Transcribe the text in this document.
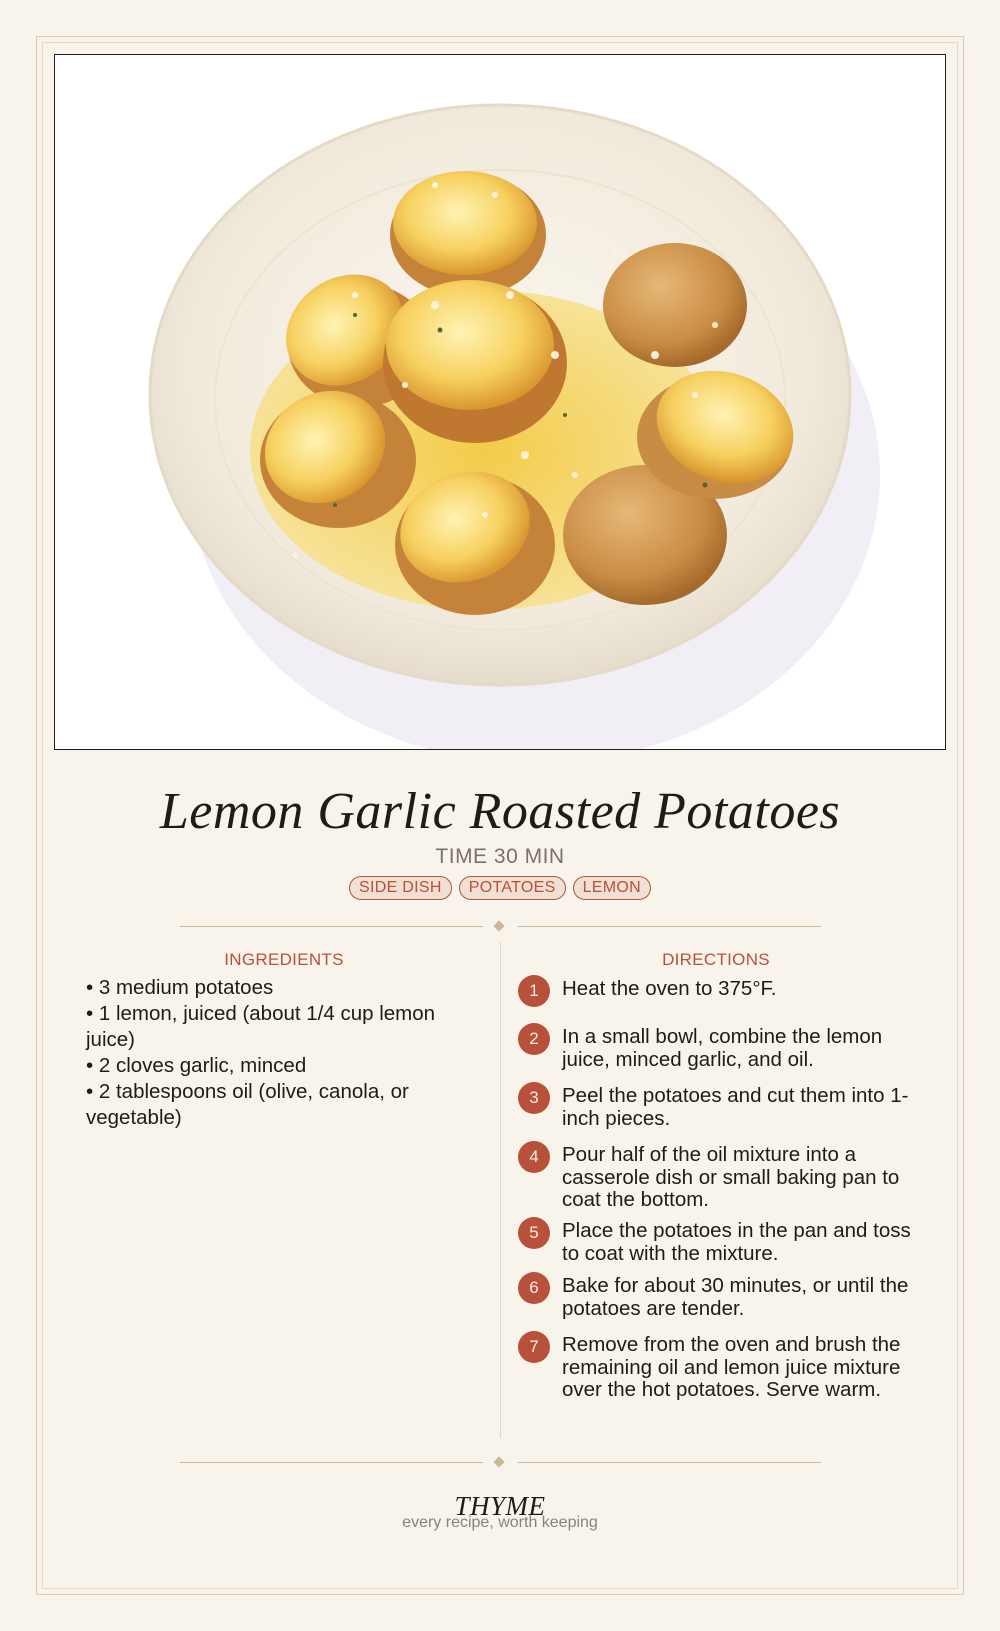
Lemon Garlic Roasted Potatoes
TIME 30 MIN
SIDE DISH	POTATOES	LEMON
INGREDIENTS
• 3 medium potatoes
• 1 lemon, juiced (about 1/4 cup lemon juice)
• 2 cloves garlic, minced
• 2 tablespoons oil (olive, canola, or vegetable)
DIRECTIONS
1	Heat the oven to 375°F.
2	In a small bowl, combine the lemon juice, minced garlic, and oil.
3	Peel the potatoes and cut them into 1-inch pieces.
4	Pour half of the oil mixture into a casserole dish or small baking pan to coat the bottom.
5	Place the potatoes in the pan and toss to coat with the mixture.
6	Bake for about 30 minutes, or until the potatoes are tender.
7	Remove from the oven and brush the remaining oil and lemon juice mixture over the hot potatoes. Serve warm.
THYME
every recipe, worth keeping
